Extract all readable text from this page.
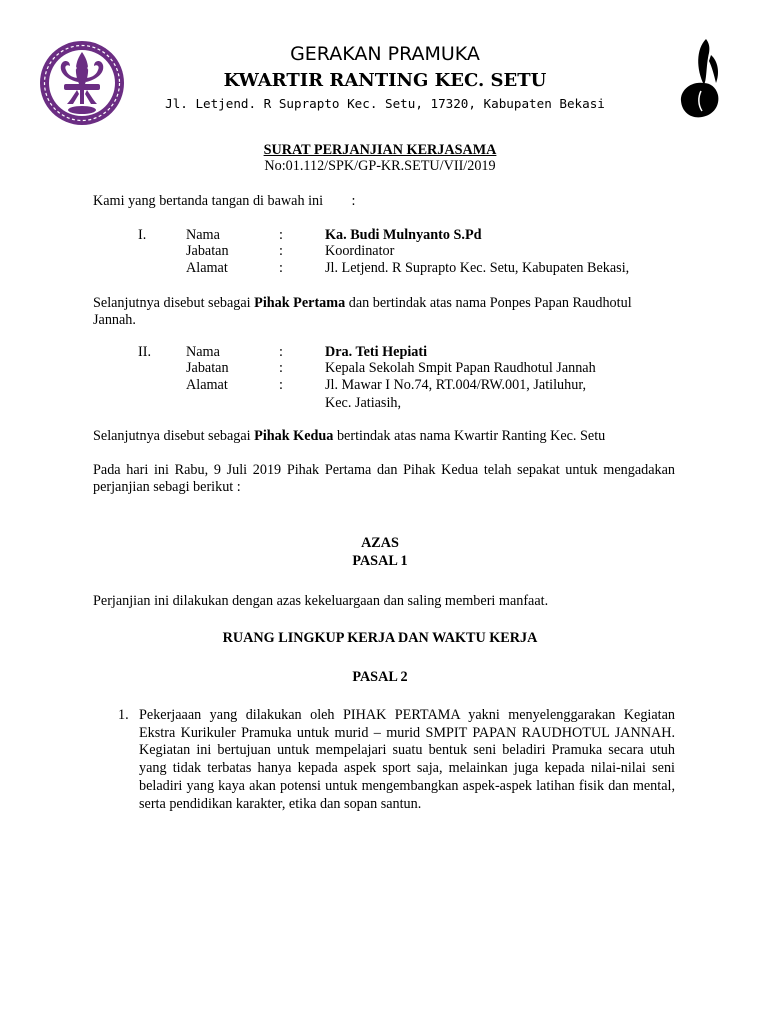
GERAKAN PRAMUKA
KWARTIR RANTING KEC. SETU
Jl. Letjend. R Suprapto Kec. Setu, 17320, Kabupaten Bekasi
SURAT PERJANJIAN KERJASAMA
No:01.112/SPK/GP-KR.SETU/VII/2019
Kami yang bertanda tangan di bawah ini        :
I.	Nama	:	Ka. Budi Mulnyanto S.Pd
Jabatan	:	Koordinator
Alamat	:	Jl. Letjend. R Suprapto Kec. Setu, Kabupaten Bekasi,
Selanjutnya disebut sebagai Pihak Pertama dan bertindak atas nama Ponpes Papan Raudhotul Jannah.
II. Nama	:	Dra. Teti Hepiati
Jabatan	:	Kepala Sekolah Smpit Papan Raudhotul Jannah
Alamat	:	Jl. Mawar I No.74, RT.004/RW.001, Jatiluhur,
Kec. Jatiasih,
Selanjutnya disebut sebagai Pihak Kedua bertindak atas nama Kwartir Ranting Kec. Setu
Pada hari ini Rabu, 9 Juli 2019 Pihak Pertama dan Pihak Kedua telah sepakat untuk mengadakan perjanjian sebagi berikut :
AZAS
PASAL 1
Perjanjian ini dilakukan dengan azas kekeluargaan dan saling memberi manfaat.
RUANG LINGKUP KERJA DAN WAKTU KERJA
PASAL 2
1. Pekerjaaan yang dilakukan oleh PIHAK PERTAMA yakni menyelenggarakan Kegiatan Ekstra Kurikuler Pramuka untuk murid – murid SMPIT PAPAN RAUDHOTUL JANNAH. Kegiatan ini bertujuan untuk mempelajari suatu bentuk seni beladiri Pramuka secara utuh yang tidak terbatas hanya kepada aspek sport saja, melainkan juga kepada nilai-nilai seni beladiri yang kaya akan potensi untuk mengembangkan aspek-aspek latihan fisik dan mental, serta pendidikan karakter, etika dan sopan santun.
